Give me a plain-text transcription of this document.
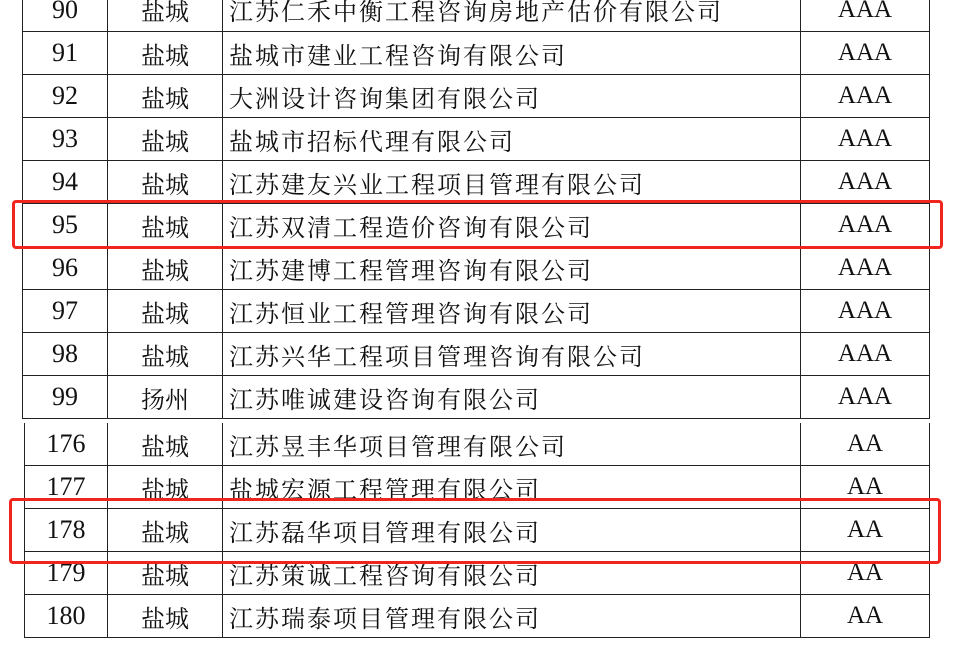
90	盐城	江苏仁禾中衡工程咨询房地产估价有限公司	AAA
91	盐城	盐城市建业工程咨询有限公司	AAA
92	盐城	大洲设计咨询集团有限公司	AAA
93	盐城	盐城市招标代理有限公司	AAA
94	盐城	江苏建友兴业工程项目管理有限公司	AAA
95	盐城	江苏双清工程造价咨询有限公司	AAA
96	盐城	江苏建博工程管理咨询有限公司	AAA
97	盐城	江苏恒业工程管理咨询有限公司	AAA
98	盐城	江苏兴华工程项目管理咨询有限公司	AAA
99	扬州	江苏唯诚建设咨询有限公司	AAA
176	盐城	江苏昱丰华项目管理有限公司	AA
177	盐城	盐城宏源工程管理有限公司	AA
178	盐城	江苏磊华项目管理有限公司	AA
179	盐城	江苏策诚工程咨询有限公司	AA
180	盐城	江苏瑞泰项目管理有限公司	AA
